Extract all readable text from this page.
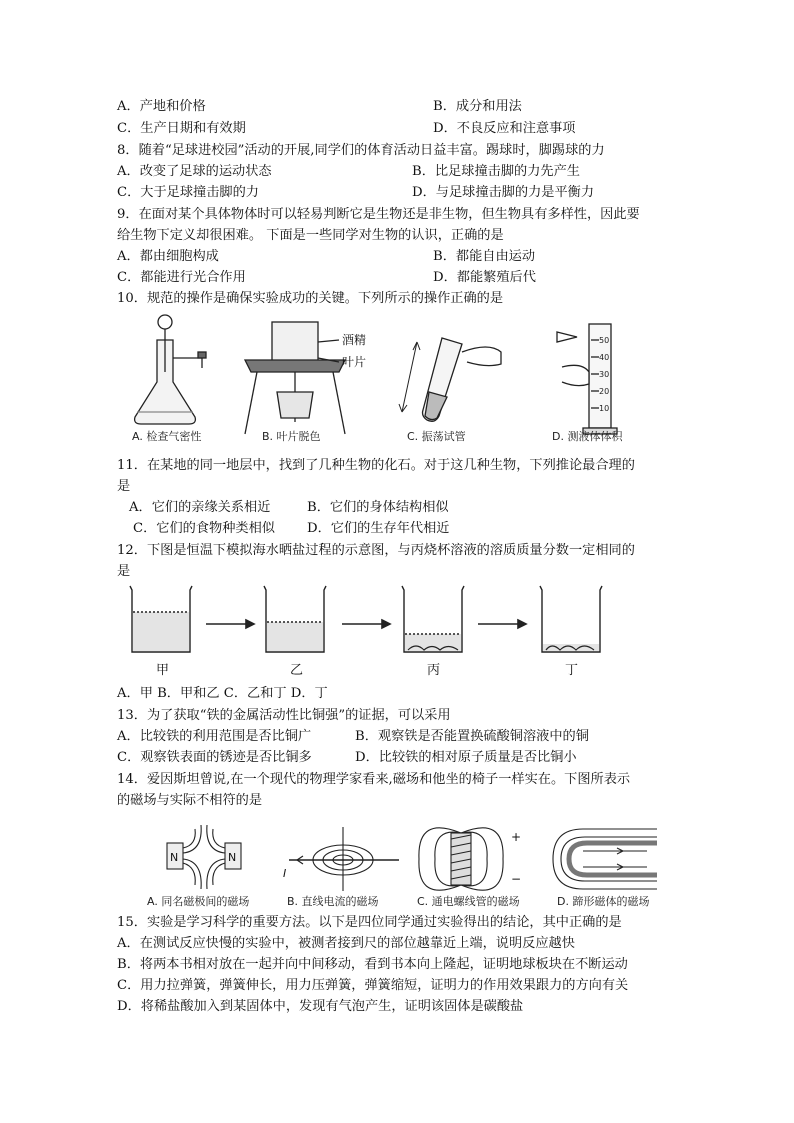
A．产地和价格	B．成分和用法
C．生产日期和有效期	D．不良反应和注意事项
8．随着“足球进校园”活动的开展,同学们的体育活动日益丰富。踢球时，脚踢球的力
A．改变了足球的运动状态	B．比足球撞击脚的力先产生
C．大于足球撞击脚的力	D．与足球撞击脚的力是平衡力
9．在面对某个具体物体时可以轻易判断它是生物还是非生物，但生物具有多样性，因此要
给生物下定义却很困难。 下面是一些同学对生物的认识，正确的是
A．都由细胞构成	B．都能自由运动
C．都能进行光合作用	D．都能繁殖后代
10．规范的操作是确保实验成功的关键。下列所示的操作正确的是
酒精
叶片
50
40
30
20
10
A. 检查气密性	B. 叶片脱色	C. 振荡试管	D. 测液体体积
11．在某地的同一地层中，找到了几种生物的化石。对于这几种生物，下列推论最合理的
是
A．它们的亲缘关系相近	B．它们的身体结构相似
C．它们的食物种类相似 D．它们的生存年代相近
12．下图是恒温下模拟海水晒盐过程的示意图，与丙烧杯溶液的溶质质量分数一定相同的
是
甲	乙	丙	丁
A．甲 B．甲和乙 C．乙和丁 D．丁
13．为了获取“铁的金属活动性比铜强”的证据，可以采用
A．比较铁的利用范围是否比铜广	B．观察铁是否能置换硫酸铜溶液中的铜
C．观察铁表面的锈迹是否比铜多	D．比较铁的相对原子质量是否比铜小
14．爱因斯坦曾说,在一个现代的物理学家看来,磁场和他坐的椅子一样实在。下图所表示
的磁场与实际不相符的是
N	N
I
+
−
A. 同名磁极间的磁场	B. 直线电流的磁场	C. 通电螺线管的磁场	D. 蹄形磁体的磁场
15．实验是学习科学的重要方法。以下是四位同学通过实验得出的结论，其中正确的是
A．在测试反应快慢的实验中，被测者接到尺的部位越靠近上端，说明反应越快
B．将两本书相对放在一起并向中间移动，看到书本向上隆起，证明地球板块在不断运动
C．用力拉弹簧，弹簧伸长，用力压弹簧，弹簧缩短，证明力的作用效果跟力的方向有关
D．将稀盐酸加入到某固体中，发现有气泡产生，证明该固体是碳酸盐
